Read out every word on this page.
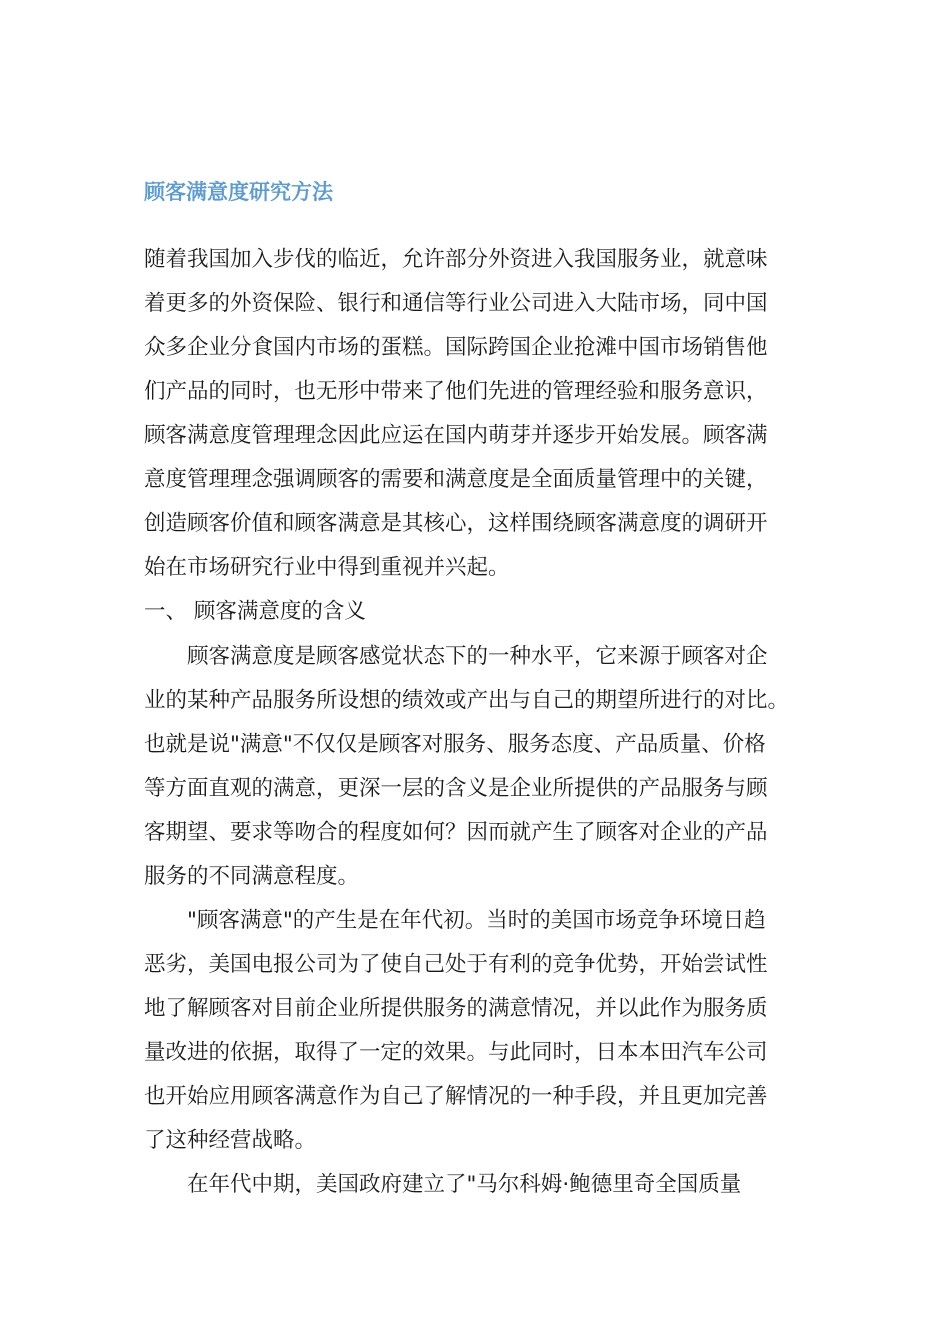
顾客满意度研究方法
随着我国加入步伐的临近，允许部分外资进入我国服务业，就意味
着更多的外资保险、银行和通信等行业公司进入大陆市场，同中国
众多企业分食国内市场的蛋糕。国际跨国企业抢滩中国市场销售他
们产品的同时，也无形中带来了他们先进的管理经验和服务意识，
顾客满意度管理理念因此应运在国内萌芽并逐步开始发展。顾客满
意度管理理念强调顾客的需要和满意度是全面质量管理中的关键，
创造顾客价值和顾客满意是其核心，这样围绕顾客满意度的调研开
始在市场研究行业中得到重视并兴起。
一、 顾客满意度的含义
顾客满意度是顾客感觉状态下的一种水平，它来源于顾客对企
业的某种产品服务所设想的绩效或产出与自己的期望所进行的对比。
也就是说"满意"不仅仅是顾客对服务、服务态度、产品质量、价格
等方面直观的满意，更深一层的含义是企业所提供的产品服务与顾
客期望、要求等吻合的程度如何？因而就产生了顾客对企业的产品
服务的不同满意程度。
"顾客满意"的产生是在年代初。当时的美国市场竞争环境日趋
恶劣，美国电报公司为了使自己处于有利的竞争优势，开始尝试性
地了解顾客对目前企业所提供服务的满意情况，并以此作为服务质
量改进的依据，取得了一定的效果。与此同时，日本本田汽车公司
也开始应用顾客满意作为自己了解情况的一种手段，并且更加完善
了这种经营战略。
在年代中期，美国政府建立了"马尔科姆·鲍德里奇全国质量
